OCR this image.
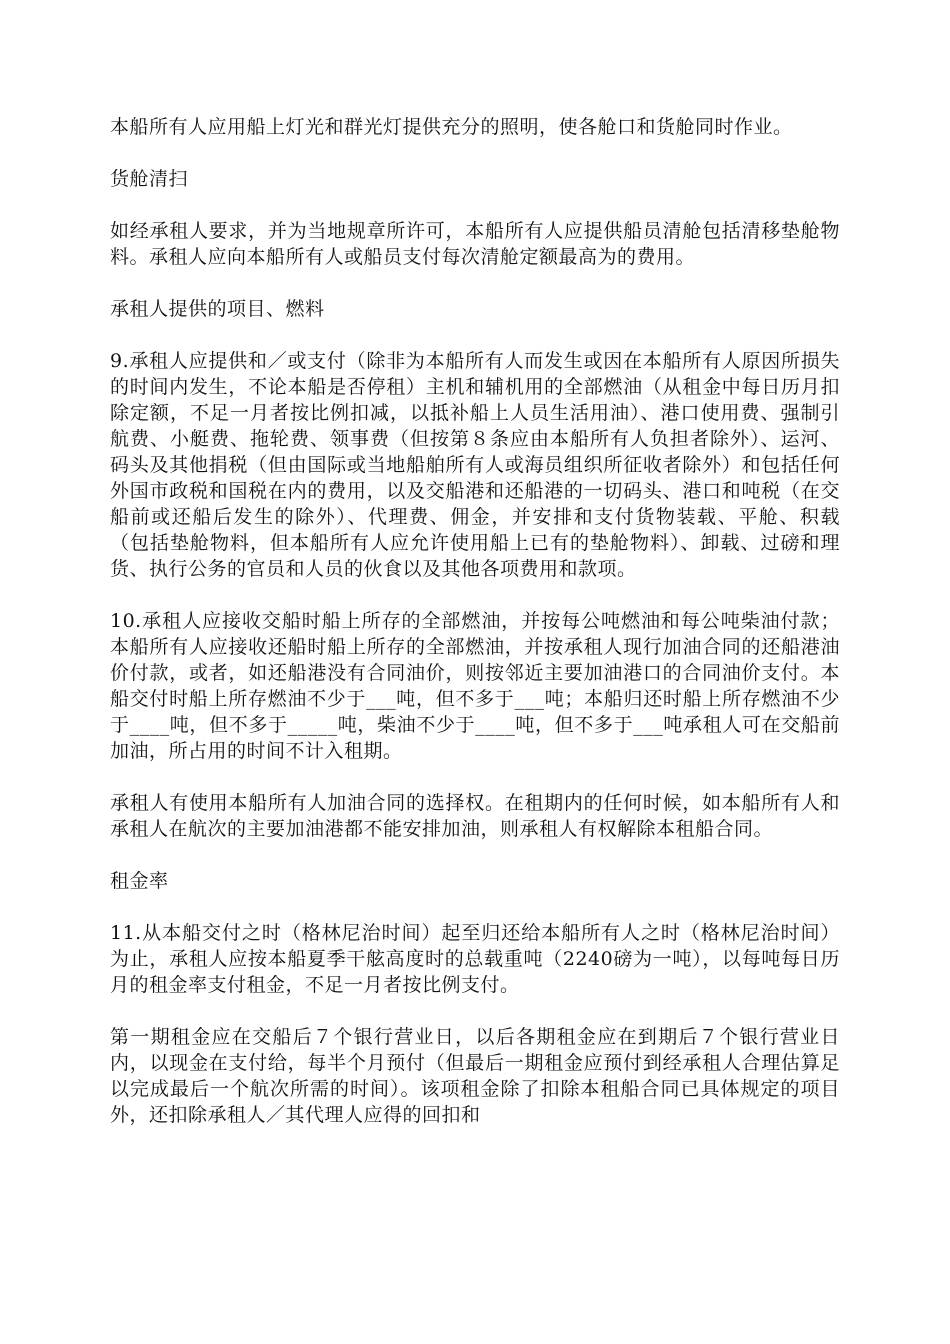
本船所有人应用船上灯光和群光灯提供充分的照明，使各舱口和货舱同时作业。

货舱清扫

如经承租人要求，并为当地规章所许可，本船所有人应提供船员清舱包括清移垫舱物料。承租人应向本船所有人或船员支付每次清舱定额最高为的费用。

承租人提供的项目、燃料

9.承租人应提供和／或支付（除非为本船所有人而发生或因在本船所有人原因所损失的时间内发生，不论本船是否停租）主机和辅机用的全部燃油（从租金中每日历月扣除定额，不足一月者按比例扣减，以抵补船上人员生活用油）、港口使用费、强制引航费、小艇费、拖轮费、领事费（但按第８条应由本船所有人负担者除外）、运河、码头及其他捐税（但由国际或当地船舶所有人或海员组织所征收者除外）和包括任何外国市政税和国税在内的费用，以及交船港和还船港的一切码头、港口和吨税（在交船前或还船后发生的除外）、代理费、佣金，并安排和支付货物装载、平舱、积载（包括垫舱物料，但本船所有人应允许使用船上已有的垫舱物料）、卸载、过磅和理货、执行公务的官员和人员的伙食以及其他各项费用和款项。

10.承租人应接收交船时船上所存的全部燃油，并按每公吨燃油和每公吨柴油付款；本船所有人应接收还船时船上所存的全部燃油，并按承租人现行加油合同的还船港油价付款，或者，如还船港没有合同油价，则按邻近主要加油港口的合同油价支付。本船交付时船上所存燃油不少于___吨，但不多于___吨；本船归还时船上所存燃油不少于____吨，但不多于_____吨，柴油不少于____吨，但不多于___吨承租人可在交船前加油，所占用的时间不计入租期。

承租人有使用本船所有人加油合同的选择权。在租期内的任何时候，如本船所有人和承租人在航次的主要加油港都不能安排加油，则承租人有权解除本租船合同。

租金率

11.从本船交付之时（格林尼治时间）起至归还给本船所有人之时（格林尼治时间）为止，承租人应按本船夏季干舷高度时的总载重吨（2240磅为一吨），以每吨每日历月的租金率支付租金，不足一月者按比例支付。

第一期租金应在交船后７个银行营业日，以后各期租金应在到期后７个银行营业日内，以现金在支付给，每半个月预付（但最后一期租金应预付到经承租人合理估算足以完成最后一个航次所需的时间）。该项租金除了扣除本租船合同已具体规定的项目外，还扣除承租人／其代理人应得的回扣和
